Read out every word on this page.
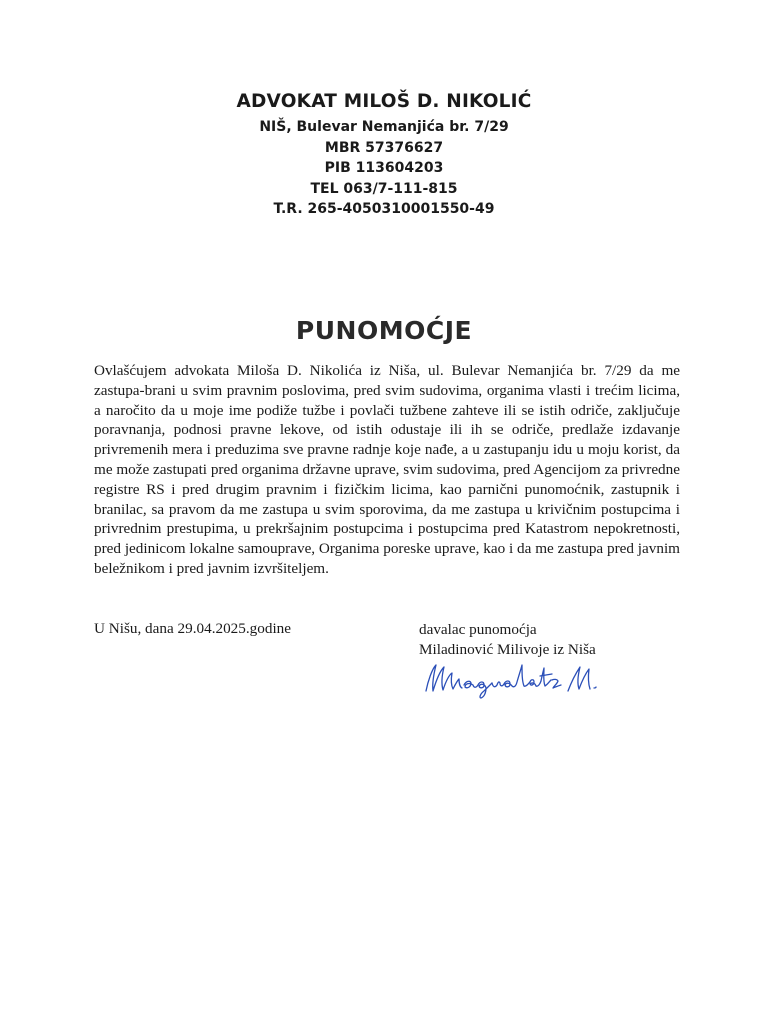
ADVOKAT MILOŠ D. NIKOLIĆ
NIŠ, Bulevar Nemanjića br. 7/29
MBR 57376627
PIB 113604203
TEL 063/7-111-815
T.R. 265-4050310001550-49
PUNOMOĆJE
Ovlašćujem advokata Miloša D. Nikolića iz Niša, ul. Bulevar Nemanjića br. 7/29 da me zastupa-brani u svim pravnim poslovima, pred svim sudovima, organima vlasti i trećim licima, a naročito da u moje ime podiže tužbe i povlači tužbene zahteve ili se istih odriče, zaključuje poravnanja, podnosi pravne lekove, od istih odustaje ili ih se odriče, predlaže izdavanje privremenih mera i preduzima sve pravne radnje koje nađe, a u zastupanju idu u moju korist, da me može zastupati pred organima državne uprave, svim sudovima, pred Agencijom za privredne registre RS i pred drugim pravnim i fizičkim licima, kao parnični punomoćnik, zastupnik i branilac, sa pravom da me zastupa u svim sporovima, da me zastupa u krivičnim postupcima i privrednim prestupima, u prekršajnim postupcima i postupcima pred Katastrom nepokretnosti, pred jedinicom lokalne samouprave, Organima poreske uprave, kao i da me zastupa pred javnim beležnikom i pred javnim izvršiteljem.
U Nišu, dana 29.04.2025.godine	davalac punomoćja
Miladinović Milivoje iz Niša
